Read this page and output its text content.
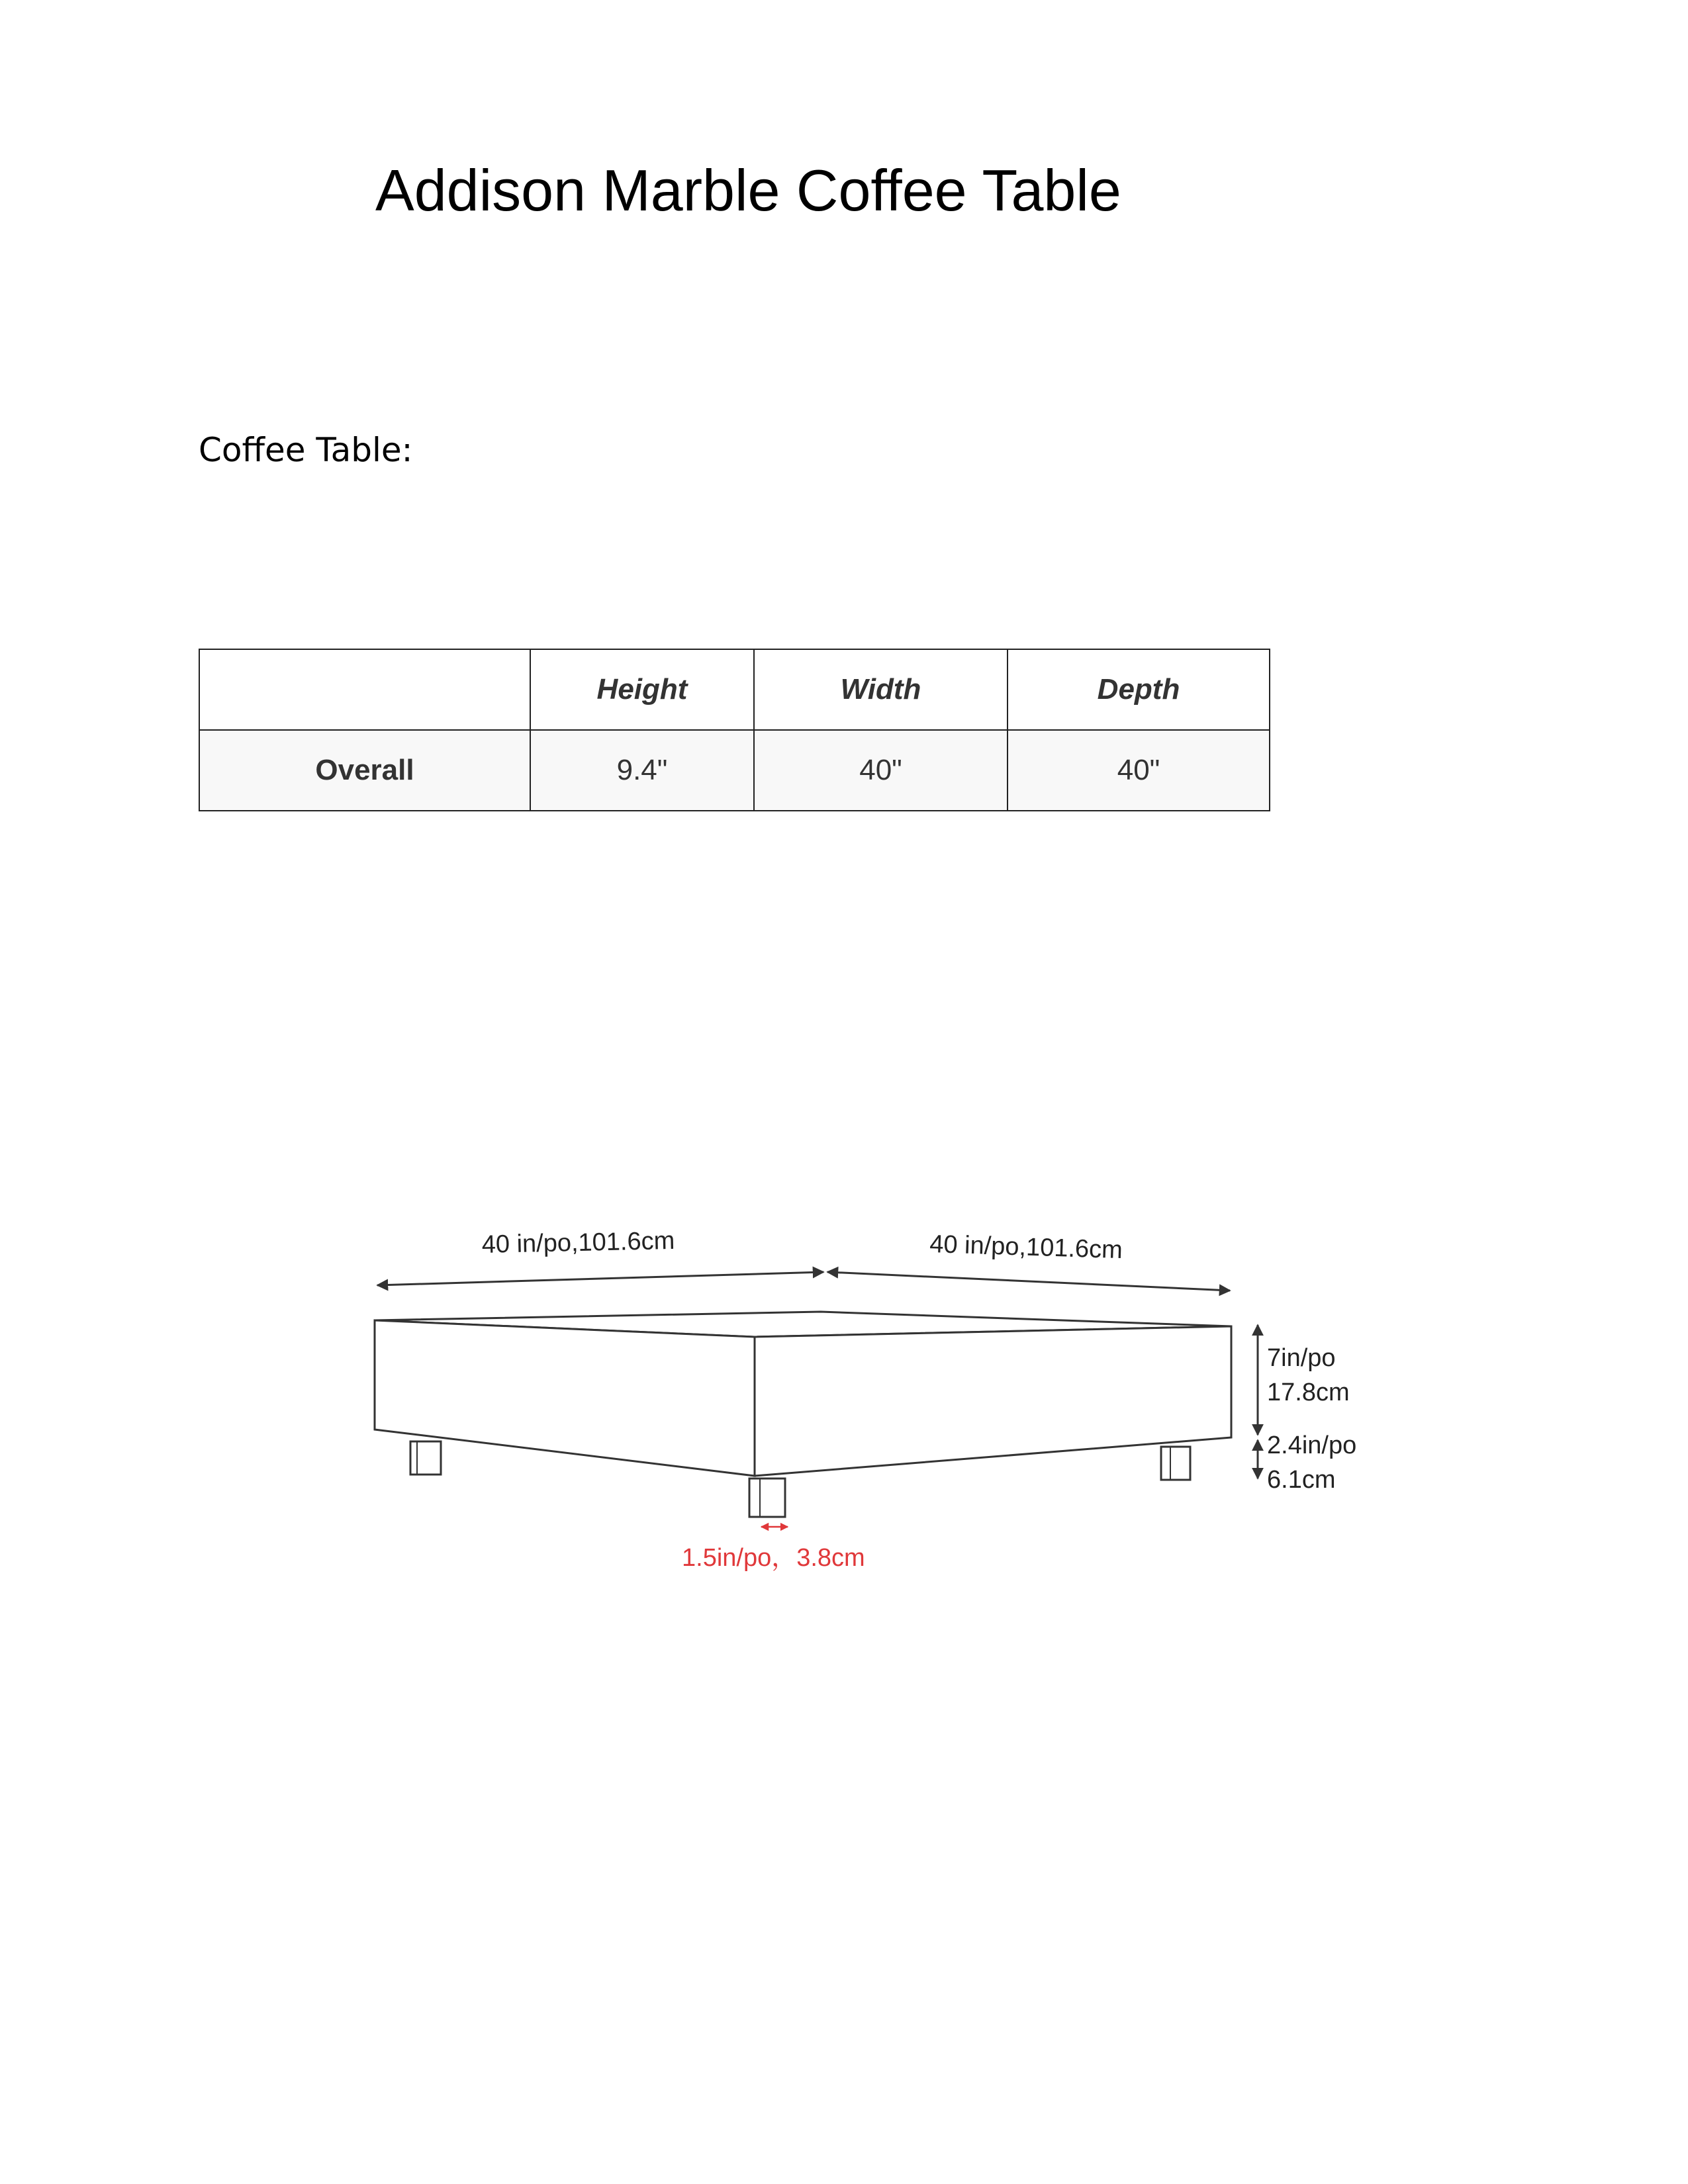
Addison Marble Coffee Table

Coffee Table:

	Height	Width	Depth
Overall	9.4"	40"	40"
40 in/po,101.6cm	40 in/po,101.6cm
7in/po
17.8cm
2.4in/po
6.1cm
1.5in/po，3.8cm
